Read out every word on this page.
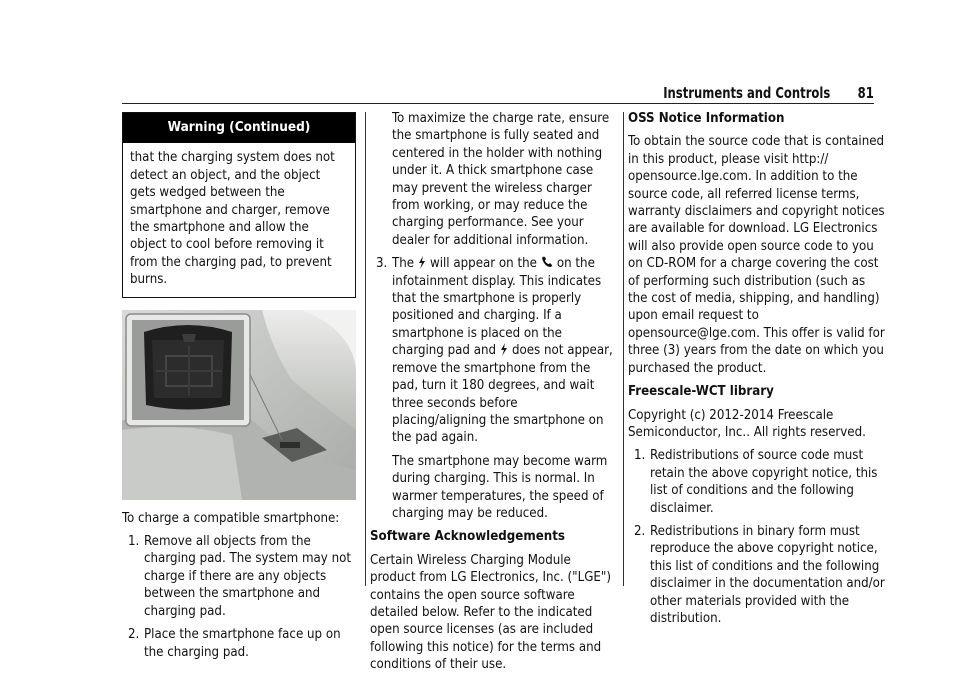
Instruments and Controls 81
Warning (Continued)
that the charging system does not detect an object, and the object gets wedged between the smartphone and charger, remove the smartphone and allow the object to cool before removing it from the charging pad, to prevent burns.

To charge a compatible smartphone:

1. Remove all objects from the charging pad. The system may not charge if there are any objects between the smartphone and charging pad.
2. Place the smartphone face up on the charging pad.

To maximize the charge rate, ensure the smartphone is fully seated and centered in the holder with nothing under it. A thick smartphone case may prevent the wireless charger from working, or may reduce the charging performance. See your dealer for additional information.

3. The will appear on the on the infotainment display. This indicates that the smartphone is properly positioned and charging. If a smartphone is placed on the charging pad and does not appear, remove the smartphone from the pad, turn it 180 degrees, and wait three seconds before placing/aligning the smartphone on the pad again.

The smartphone may become warm during charging. This is normal. In warmer temperatures, the speed of charging may be reduced.

Software Acknowledgements

Certain Wireless Charging Module product from LG Electronics, Inc. ("LGE") contains the open source software detailed below. Refer to the indicated open source licenses (as are included following this notice) for the terms and conditions of their use.

OSS Notice Information

To obtain the source code that is contained in this product, please visit http:// opensource.lge.com. In addition to the source code, all referred license terms, warranty disclaimers and copyright notices are available for download. LG Electronics will also provide open source code to you on CD-ROM for a charge covering the cost of performing such distribution (such as the cost of media, shipping, and handling) upon email request to opensource@lge.com. This offer is valid for three (3) years from the date on which you purchased the product.

Freescale-WCT library

Copyright (c) 2012-2014 Freescale Semiconductor, Inc.. All rights reserved.

1. Redistributions of source code must retain the above copyright notice, this list of conditions and the following disclaimer.
2. Redistributions in binary form must reproduce the above copyright notice, this list of conditions and the following disclaimer in the documentation and/or other materials provided with the distribution.
